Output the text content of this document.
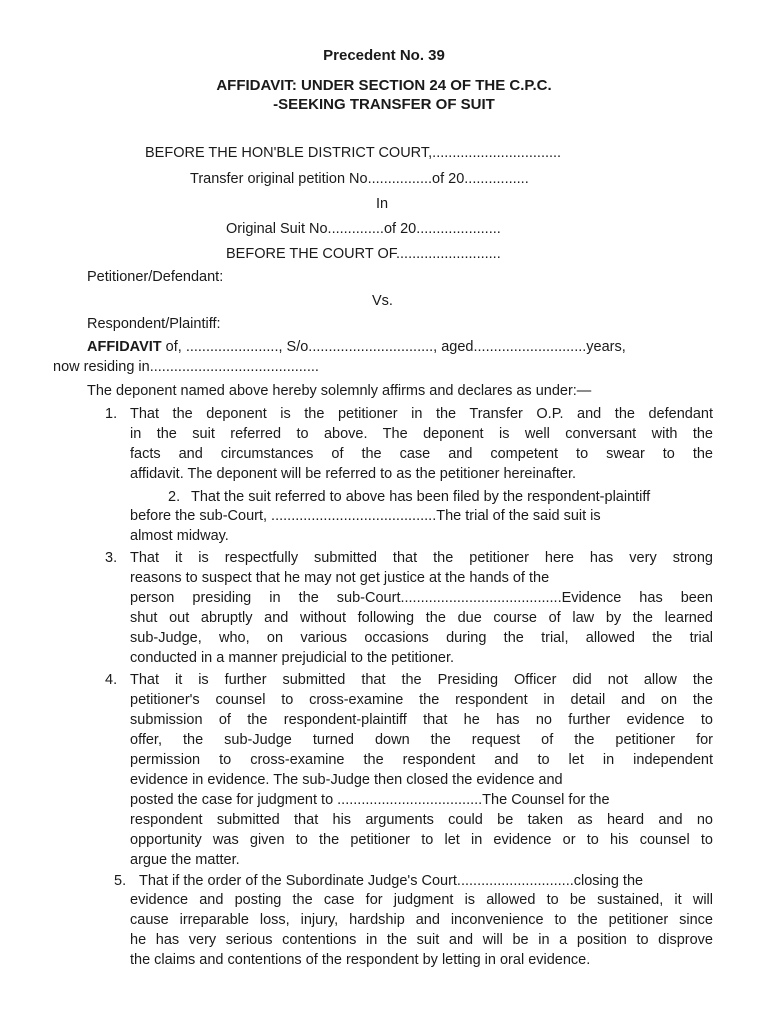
Precedent No. 39
AFFIDAVIT: UNDER SECTION 24 OF THE C.P.C.
-SEEKING TRANSFER OF SUIT
BEFORE THE HON'BLE DISTRICT COURT,................................
Transfer original petition No................of 20................
In
Original Suit No..............of 20.....................
BEFORE THE COURT OF..........................
Petitioner/Defendant:
Vs.
Respondent/Plaintiff:
AFFIDAVIT of, ......................., S/o..............................., aged............................years,
now residing in..........................................
The deponent named above hereby solemnly affirms and declares as under:—
1. That the deponent is the petitioner in the Transfer O.P. and the defendant
in the suit referred to above. The deponent is well conversant with the
facts and circumstances of the case and competent to swear to the
affidavit. The deponent will be referred to as the petitioner hereinafter.
2. That the suit referred to above has been filed by the respondent-plaintiff
before the sub-Court, .........................................The trial of the said suit is
almost midway.
3. That it is respectfully submitted that the petitioner here has very strong
reasons to suspect that he may not get justice at the hands of the
person presiding in the sub-Court........................................Evidence has been
shut out abruptly and without following the due course of law by the learned
sub-Judge, who, on various occasions during the trial, allowed the trial
conducted in a manner prejudicial to the petitioner.
4. That it is further submitted that the Presiding Officer did not allow the
petitioner's counsel to cross-examine the respondent in detail and on the
submission of the respondent-plaintiff that he has no further evidence to
offer, the sub-Judge turned down the request of the petitioner for
permission to cross-examine the respondent and to let in independent
evidence in evidence. The sub-Judge then closed the evidence and
posted the case for judgment to ....................................The Counsel for the
respondent submitted that his arguments could be taken as heard and no
opportunity was given to the petitioner to let in evidence or to his counsel to
argue the matter.
5. That if the order of the Subordinate Judge's Court.............................closing the
evidence and posting the case for judgment is allowed to be sustained, it will
cause irreparable loss, injury, hardship and inconvenience to the petitioner since
he has very serious contentions in the suit and will be in a position to disprove
the claims and contentions of the respondent by letting in oral evidence.
